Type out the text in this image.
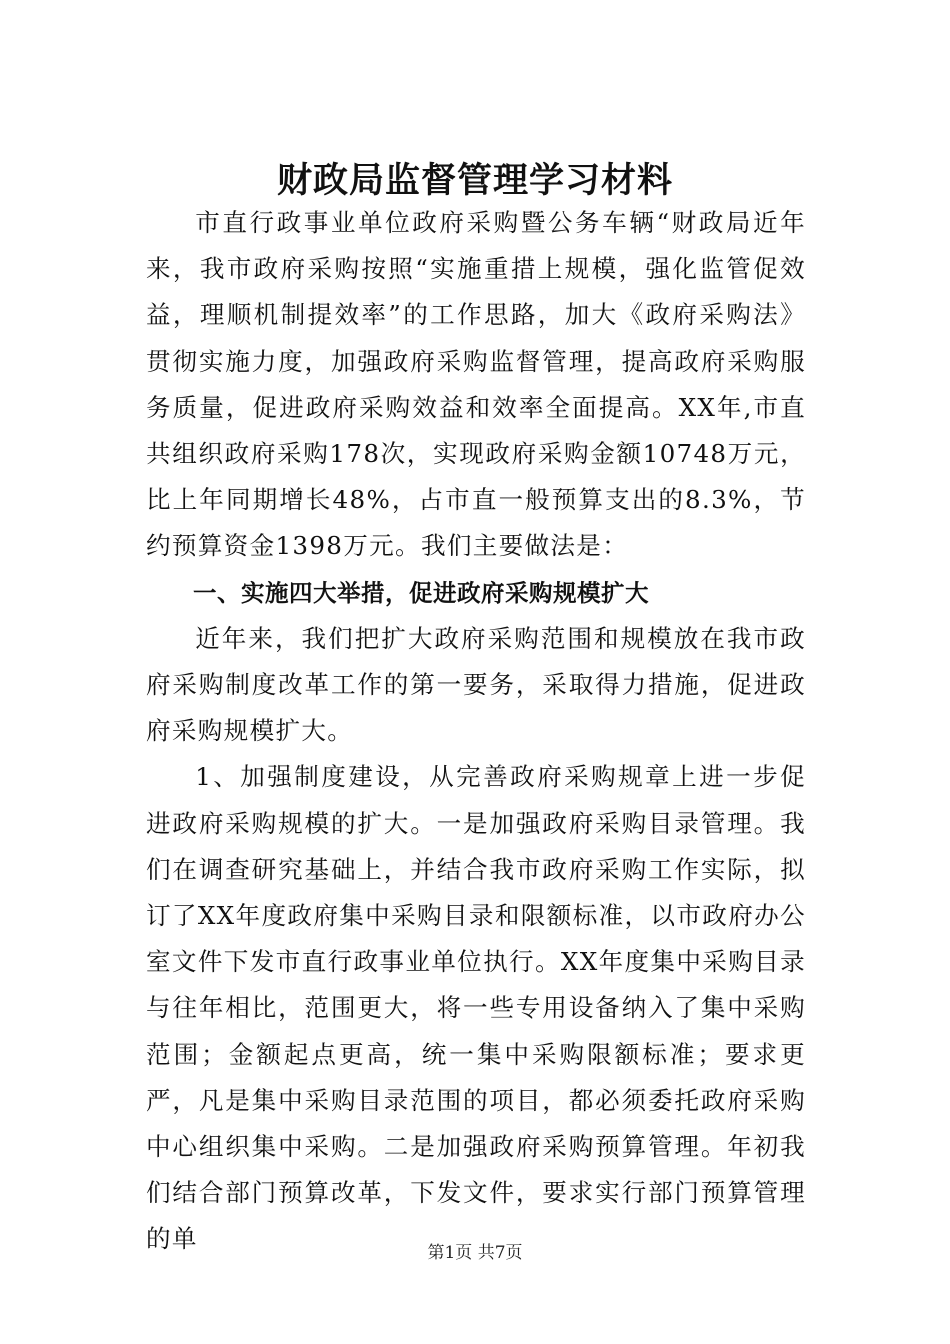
财政局监督管理学习材料

市直行政事业单位政府采购暨公务车辆“财政局近年来，我市政府采购按照“实施重措上规模，强化监管促效益，理顺机制提效率”的工作思路，加大《政府采购法》贯彻实施力度，加强政府采购监督管理，提高政府采购服务质量，促进政府采购效益和效率全面提高。XX年,市直共组织政府采购178次，实现政府采购金额10748万元，比上年同期增长48%，占市直一般预算支出的8.3%，节约预算资金1398万元。我们主要做法是：

一、实施四大举措，促进政府采购规模扩大

近年来，我们把扩大政府采购范围和规模放在我市政府采购制度改革工作的第一要务，采取得力措施，促进政府采购规模扩大。

1、加强制度建设，从完善政府采购规章上进一步促进政府采购规模的扩大。一是加强政府采购目录管理。我们在调查研究基础上，并结合我市政府采购工作实际，拟订了XX年度政府集中采购目录和限额标准，以市政府办公室文件下发市直行政事业单位执行。XX年度集中采购目录与往年相比，范围更大，将一些专用设备纳入了集中采购范围；金额起点更高，统一集中采购限额标准；要求更严，凡是集中采购目录范围的项目，都必须委托政府采购中心组织集中采购。二是加强政府采购预算管理。年初我们结合部门预算改革，下发文件，要求实行部门预算管理的单	第1页 共7页
